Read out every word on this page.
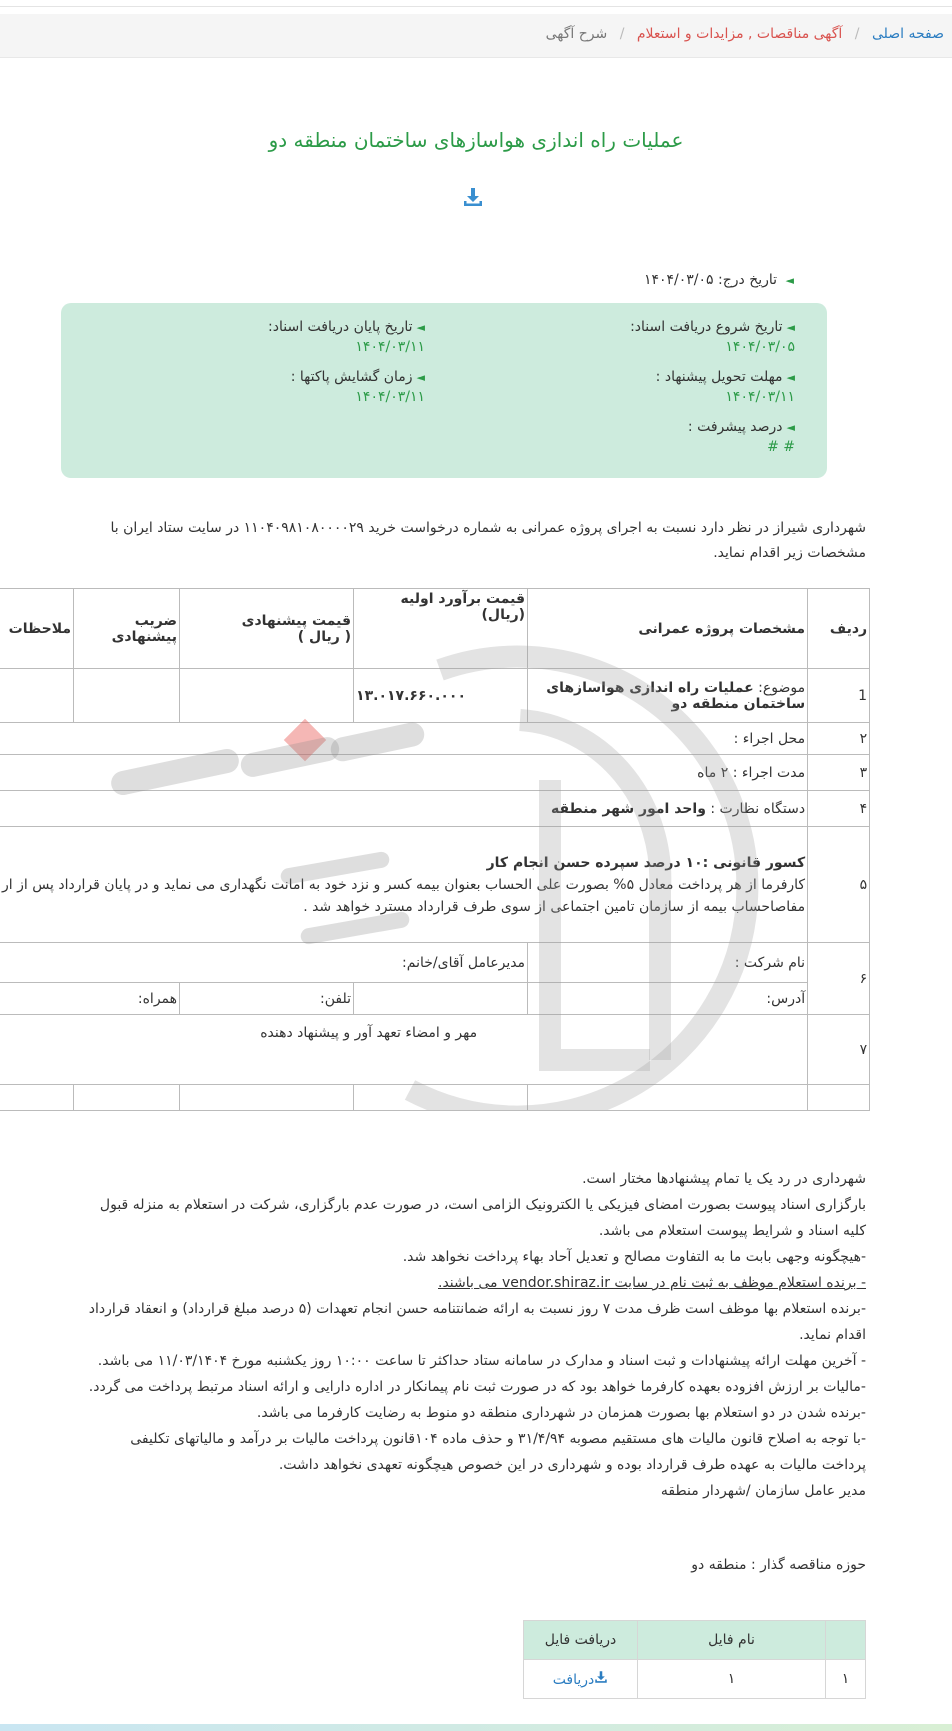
صفحه اصلی / آگهی مناقصات , مزایدات و استعلام / شرح آگهی
عملیات راه اندازی هواسازهای ساختمان منطقه دو
◄ تاریخ درج: ۱۴۰۴/۰۳/۰۵
◄تاریخ شروع دریافت اسناد:
۱۴۰۴/۰۳/۰۵
◄تاریخ پایان دریافت اسناد:
۱۴۰۴/۰۳/۱۱
◄مهلت تحویل پیشنهاد :
۱۴۰۴/۰۳/۱۱
◄زمان گشایش پاکتها :
۱۴۰۴/۰۳/۱۱
◄درصد پیشرفت :
# #
شهرداری شیراز در نظر دارد نسبت به اجرای پروژه عمرانی به شماره درخواست خرید ۱۱۰۴۰۹۸۱۰۸۰۰۰۰۲۹ در سایت ستاد ایران با مشخصات زیر اقدام نماید.
ردیف	مشخصات پروژه عمرانی	قیمت برآورد اولیه (ریال)	قیمت پیشنهادی
( ریال )	ضریب پیشنهادی	ملاحظات
1	موضوع: عملیات راه اندازی هواسازهای ساختمان منطقه دو	۱۳.۰۱۷.۶۶۰.۰۰۰			
۲	محل اجراء :				
۳	مدت اجراء : ۲ ماه				
۴	دستگاه نظارت : واحد امور شهر منطقه				
۵	کسور قانونی :۱۰ درصد سپرده حسن انجام کار
کارفرما از هر پرداخت معادل ۵% بصورت علی الحساب بعنوان بیمه کسر و نزد خود به امانت نگهداری می نماید و در پایان قرارداد پس از ار
مفاصاحساب بیمه از سازمان تامین اجتماعی از سوی طرف قرارداد مسترد خواهد شد .				

۶	نام شرکت :	مدیرعامل آقای/خانم:			
	آدرس:		تلفن:	همراه:	
۷	مهر و امضاء تعهد آور و پیشنهاد دهنده				

شهرداری در رد یک یا تمام پیشنهادها مختار است.

بارگزاری اسناد پیوست بصورت امضای فیزیکی یا الکترونیک الزامی است، در صورت عدم بارگزاری، شرکت در استعلام به منزله قبول کلیه اسناد و شرایط پیوست استعلام می باشد.

-هیچگونه وجهی بابت ما به التفاوت مصالح و تعدیل آحاد بهاء پرداخت نخواهد شد.

- برنده استعلام موظف به ثبت نام در سایت vendor.shiraz.ir می باشند.

-برنده استعلام بها موظف است ظرف مدت ۷ روز نسبت به ارائه ضمانتنامه حسن انجام تعهدات (۵ درصد مبلغ قرارداد) و انعقاد قرارداد اقدام نماید.

- آخرین مهلت ارائه پیشنهادات و ثبت اسناد و مدارک در سامانه ستاد حداکثر تا ساعت ۱۰:۰۰ روز یکشنبه مورخ ۱۱/۰۳/۱۴۰۴ می باشد.

-مالیات بر ارزش افزوده بعهده کارفرما خواهد بود که در صورت ثبت نام پیمانکار در اداره دارایی و ارائه اسناد مرتبط پرداخت می گردد.

-برنده شدن در دو استعلام بها بصورت همزمان در شهرداری منطقه دو منوط به رضایت کارفرما می باشد.

-با توجه به اصلاح قانون مالیات های مستقیم مصوبه ۳۱/۴/۹۴ و حذف ماده ۱۰۴قانون پرداخت مالیات بر درآمد و مالیاتهای تکلیفی پرداخت مالیات به عهده طرف قرارداد بوده و شهرداری در این خصوص هیچگونه تعهدی نخواهد داشت.

مدیر عامل سازمان /شهردار منطقه

حوزه مناقصه گذار : منطقه دو
	نام فایل	دریافت فایل
۱	۱	دریافت
